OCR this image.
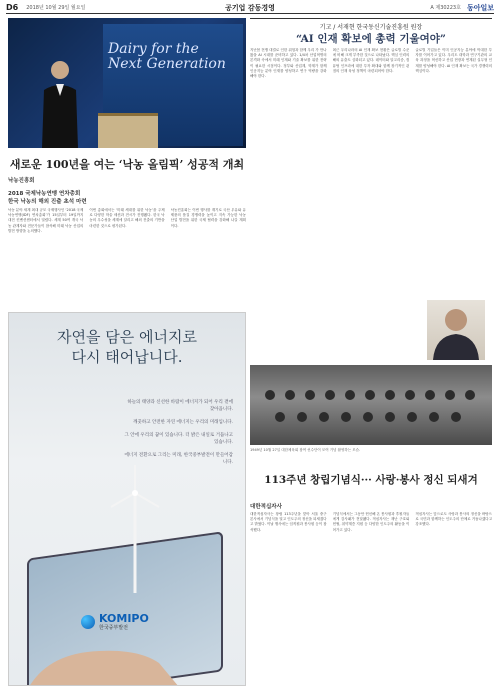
D6 2018년 10월 29일 월요일	공기업 감동경영	A 제30223호 동아일보
Dairy for the
Next Generation
기고 / 서재현 한국동신기술진흥원 원장
“AI 인재 확보에 총력 기울여야”
지난봄 전쟁 대결로 인한 위험과 함께 우리 가 만나왔을 AI 시대를 준비하고 있다. 1/4차 산업혁명의 본격화 속에서 미래 인재와 기술 확보를 위한 전략이 필요한 시점이다. 정부와 산업계, 학계가 함께 인공지능 분야 인재를 양성하고 연구 역량을 강화해야 한다.
최근 우리나라의 AI 인재 확보 현황은 글로벌 수준에 비해 크게 부족한 것으로 나타났다. 핵심 인력의 해외 유출도 심화되고 있다. 데이터와 알고리즘, 컴퓨팅 인프라에 대한 투자 확대와 함께 장기적인 관점의 인재 육성 정책이 마련되어야 한다.
글로벌 기업들은 이미 인공지능 분야에 막대한 투자를 이어가고 있다. 우리도 대학과 연구기관의 교육 과정을 혁신하고 산업 현장과 연계된 실무형 인재를 양성해야 한다. AI 인재 확보는 국가 경쟁력의 핵심이다.
새로운 100년을 여는 ‘낙농 올림픽’ 성공적 개최
낙농진흥회
2018 국제낙농연맹 연차총회
한국 낙농의 해외 진출 초석 마련
낙농 분야 세계 최대 규모 국제행사인 ‘2018 국제낙농연맹(IDF) 연차총회’가 15일부터 19일까지 대전 컨벤션센터에서 열렸다. 세계 50여 개국 낙농 관계자와 전문가들이 참석해 미래 낙농 산업의 발전 방향을 논의했다.
이번 총회에서는 ‘미래 세대를 위한 낙농’을 주제로 다양한 학술 세션과 전시가 진행됐다. 한국 낙농의 우수성을 세계에 알리고 해외 진출의 기반을 마련한 것으로 평가된다.
낙농진흥회는 이번 행사를 계기로 국산 우유와 유제품의 품질 경쟁력을 높이고 지속 가능한 낙농 산업 발전을 위한 국제 협력을 강화해 나갈 계획이다.
자연을 담은 에너지로
다시 태어납니다.

하늘의 태양과 신선한 바람이 에너지가 되어 우리 곁에 찾아옵니다.

깨끗하고 안전한 자연 에너지는 우리의 미래입니다.

그 안에 우리의 꿈이 있습니다. 더 밝은 내일로 거듭나고 있습니다.

에너지 전환으로 그리는 미래, 한국중부발전이 만들어갑니다.

KOMIPO
한국중부발전
1949년 10월 27일 대한체육회 참여 선수단이 모여 기념 촬영하는 모습.
113주년 창립기념식··· 사랑·봉사 정신 되새겨
대한적십자사
대한적십자사는 창립 113주년을 맞아 서울 중구 본사에서 기념식을 열고 인도주의 정신을 되새겼다고 밝혔다. 이날 행사에는 임직원과 봉사원 등이 참석했다.
기념식에서는 그동안 헌신해 온 봉사원과 후원자들에게 감사패가 전달됐다. 적십자사는 재난 구호와 헌혈, 취약계층 지원 등 다양한 인도주의 활동을 이어가고 있다.
적십자사는 앞으로도 사랑과 봉사의 정신을 바탕으로 국민과 함께하는 인도주의 단체로 거듭나겠다고 강조했다.
